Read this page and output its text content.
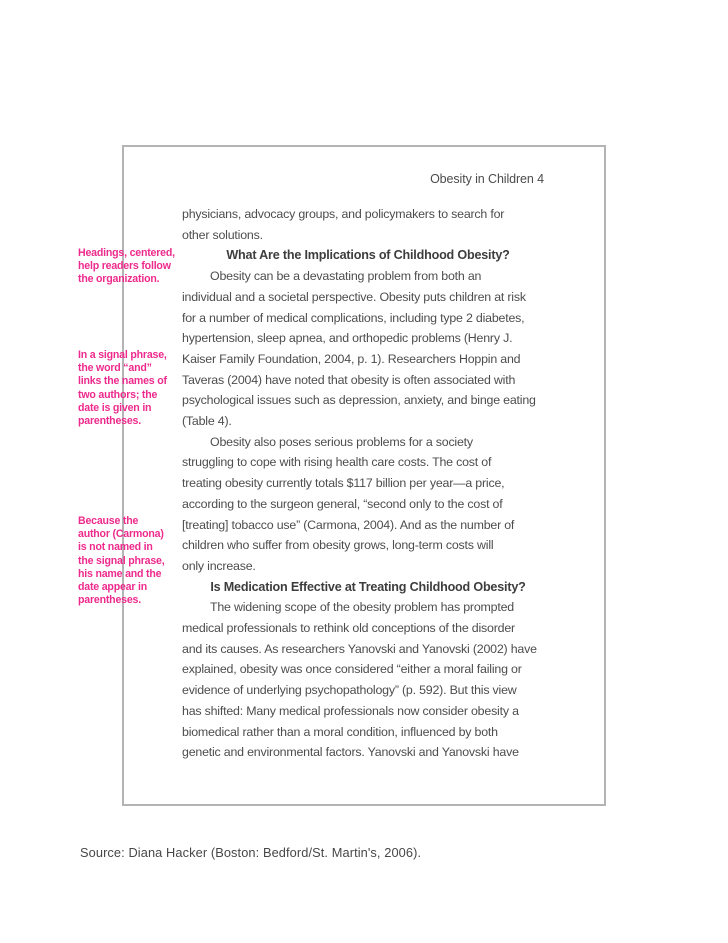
Obesity in Children 4
physicians, advocacy groups, and policymakers to search for
other solutions.
What Are the Implications of Childhood Obesity?
Obesity can be a devastating problem from both an
individual and a societal perspective. Obesity puts children at risk
for a number of medical complications, including type 2 diabetes,
hypertension, sleep apnea, and orthopedic problems (Henry J.
Kaiser Family Foundation, 2004, p. 1). Researchers Hoppin and
Taveras (2004) have noted that obesity is often associated with
psychological issues such as depression, anxiety, and binge eating
(Table 4).
Obesity also poses serious problems for a society
struggling to cope with rising health care costs. The cost of
treating obesity currently totals $117 billion per year—a price,
according to the surgeon general, “second only to the cost of
[treating] tobacco use” (Carmona, 2004). And as the number of
children who suffer from obesity grows, long-term costs will
only increase.
Is Medication Effective at Treating Childhood Obesity?
The widening scope of the obesity problem has prompted
medical professionals to rethink old conceptions of the disorder
and its causes. As researchers Yanovski and Yanovski (2002) have
explained, obesity was once considered “either a moral failing or
evidence of underlying psychopathology” (p. 592). But this view
has shifted: Many medical professionals now consider obesity a
biomedical rather than a moral condition, influenced by both
genetic and environmental factors. Yanovski and Yanovski have
Headings, centered,
help readers follow
the organization.
In a signal phrase,
the word “and”
links the names of
two authors; the
date is given in
parentheses.
Because the
author (Carmona)
is not named in
the signal phrase,
his name and the
date appear in
parentheses.
Source: Diana Hacker (Boston: Bedford/St. Martin's, 2006).
